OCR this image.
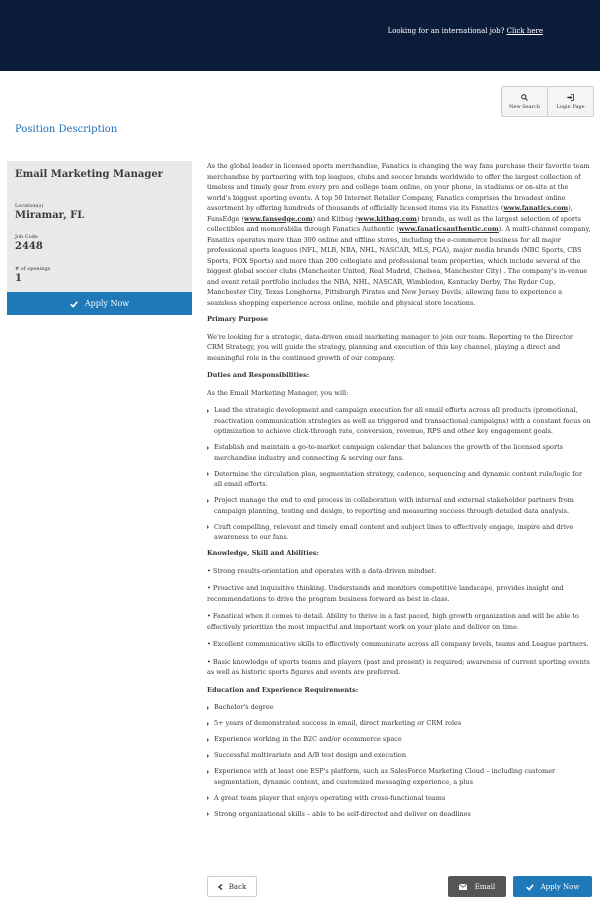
Looking for an international job? Click here
New Search	Login Page
Position Description
Email Marketing Manager
Location(s)
Miramar, FL
Job Code
2448
# of openings
1
Apply Now

As the global leader in licensed sports merchandise, Fanatics is changing the way fans purchase their favorite team merchandise by partnering with top leagues, clubs and soccer brands worldwide to offer the largest collection of timeless and timely gear from every pro and college team online, on your phone, in stadiums or on-site at the world's biggest sporting events. A top 50 Internet Retailer Company, Fanatics comprises the broadest online assortment by offering hundreds of thousands of officially licensed items via its Fanatics (www.fanatics.com), FansEdge (www.fansedge.com) and Kitbag (www.kitbag.com) brands, as well as the largest selection of sports collectibles and memorabilia through Fanatics Authentic (www.fanaticsauthentic.com). A multi-channel company, Fanatics operates more than 300 online and offline stores, including the e-commerce business for all major professional sports leagues (NFL, MLB, NBA, NHL, NASCAR, MLS, PGA), major media brands (NBC Sports, CBS Sports, FOX Sports) and more than 200 collegiate and professional team properties, which include several of the biggest global soccer clubs (Manchester United, Real Madrid, Chelsea, Manchester City) . The company's in-venue and event retail portfolio includes the NBA, NHL, NASCAR, Wimbledon, Kentucky Derby, The Ryder Cup, Manchester City, Texas Longhorns, Pittsburgh Pirates and New Jersey Devils, allowing fans to experience a seamless shopping experience across online, mobile and physical store locations.

Primary Purpose

We're looking for a strategic, data-driven email marketing manager to join our team. Reporting to the Director CRM Strategy, you will guide the strategy, planning and execution of this key channel, playing a direct and meaningful role in the continued growth of our company.

Duties and Responsibilities:

As the Email Marketing Manager, you will:

Lead the strategic development and campaign execution for all email efforts across all products (promotional, reactivation communication strategies as well as triggered and transactional campaigns) with a constant focus on optimization to achieve click-through rate, conversion, revenue, RPS and other key engagement goals.
Establish and maintain a go-to-market campaign calendar that balances the growth of the licensed sports merchandise industry and connecting & serving our fans.
Determine the circulation plan, segmentation strategy, cadence, sequencing and dynamic content rule/logic for all email efforts.
Project manage the end to end process in collaboration with internal and external stakeholder partners from campaign planning, testing and design, to reporting and measuring success through detailed data analysis.
Craft compelling, relevant and timely email content and subject lines to effectively engage, inspire and drive awareness to our fans.
Knowledge, Skill and Abilities:

• Strong results-orientation and operates with a data-driven mindset.

• Proactive and inquisitive thinking. Understands and monitors competitive landscape, provides insight and recommendations to drive the program business forward as best in class.

• Fanatical when it comes to detail. Ability to thrive in a fast paced, high growth organization and will be able to effectively prioritize the most impactful and important work on your plate and deliver on time.

• Excellent communicative skills to effectively communicate across all company levels, teams and League partners.

• Basic knowledge of sports teams and players (past and present) is required; awareness of current sporting events as well as historic sports figures and events are preferred.

Education and Experience Requirements:
Bachelor's degree
5+ years of demonstrated success in email, direct marketing or CRM roles
Experience working in the B2C and/or ecommerce space
Successful multivariate and A/B test design and execution
Experience with at least one ESP's platform, such as SalesForce Marketing Cloud – including customer segmentation, dynamic content, and customized messaging experience, a plus
A great team player that enjoys operating with cross-functional teams
Strong organizational skills – able to be self-directed and deliver on deadlines
Back	Email	Apply Now
